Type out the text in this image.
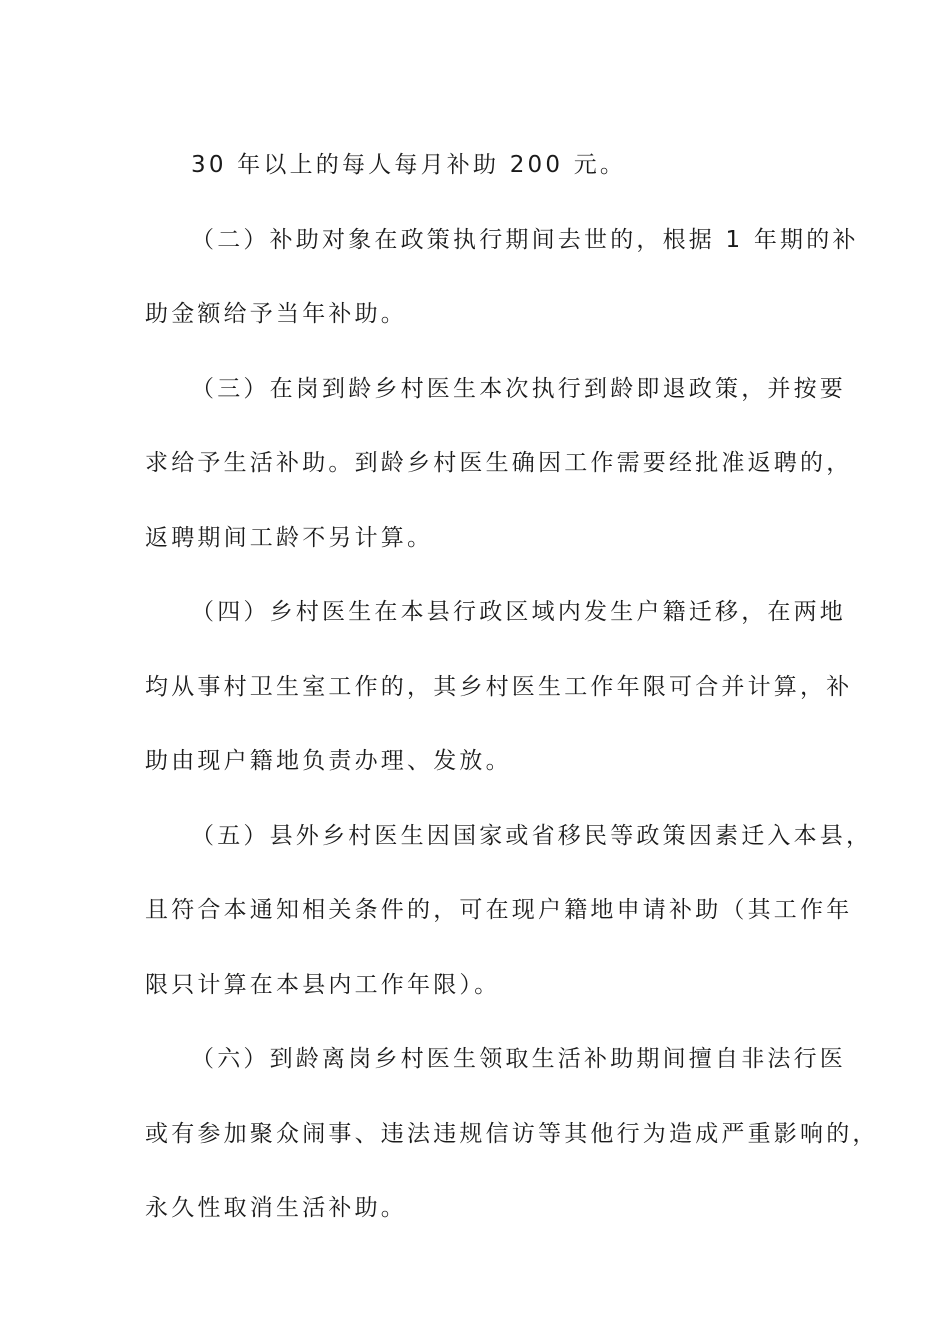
30 年以上的每人每月补助 200 元。

（二）补助对象在政策执行期间去世的，根据 1 年期的补
助金额给予当年补助。

（三）在岗到龄乡村医生本次执行到龄即退政策，并按要
求给予生活补助。到龄乡村医生确因工作需要经批准返聘的，
返聘期间工龄不另计算。

（四）乡村医生在本县行政区域内发生户籍迁移，在两地
均从事村卫生室工作的，其乡村医生工作年限可合并计算，补
助由现户籍地负责办理、发放。

（五）县外乡村医生因国家或省移民等政策因素迁入本县，
且符合本通知相关条件的，可在现户籍地申请补助（其工作年
限只计算在本县内工作年限）。

（六）到龄离岗乡村医生领取生活补助期间擅自非法行医
或有参加聚众闹事、违法违规信访等其他行为造成严重影响的，
永久性取消生活补助。
